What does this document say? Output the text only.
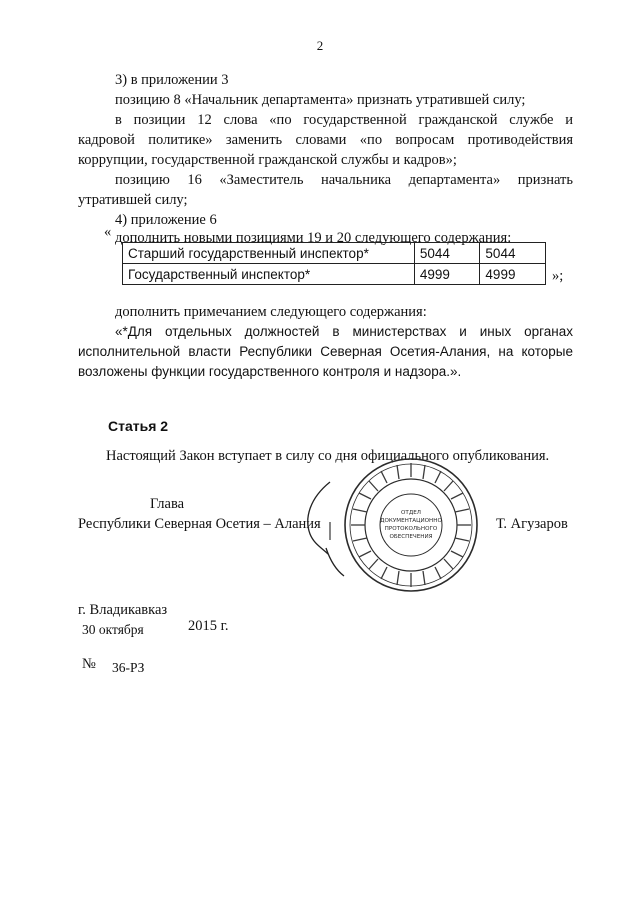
2
3) в приложении 3
позицию 8 «Начальник департамента» признать утратившей силу;
в позиции 12 слова «по государственной гражданской службе и
кадровой политике» заменить словами «по вопросам противодействия
коррупции, государственной гражданской службы и кадров»;
позицию 16 «Заместитель начальника департамента» признать
утратившей силу;
4) приложение 6
дополнить новыми позициями 19 и 20 следующего содержания:
«
Старший государственный инспектор*	5044	5044
Государственный инспектор*	4999	4999	»;
дополнить примечанием следующего содержания:
«*Для отдельных должностей в министерствах и иных органах
исполнительной власти Республики Северная Осетия-Алания, на которые
возложены функции государственного контроля и надзора.».
Статья 2
Настоящий Закон вступает в силу со дня официального опубликования.
Глава
Республики Северная Осетия – Алания	Т. Агузаров
ОТДЕЛ
ДОКУМЕНТАЦИОННО
ПРОТОКОЛЬНОГО
ОБЕСПЕЧЕНИЯ
г. Владикавказ
30 октября	2015 г.
№ 36-РЗ
